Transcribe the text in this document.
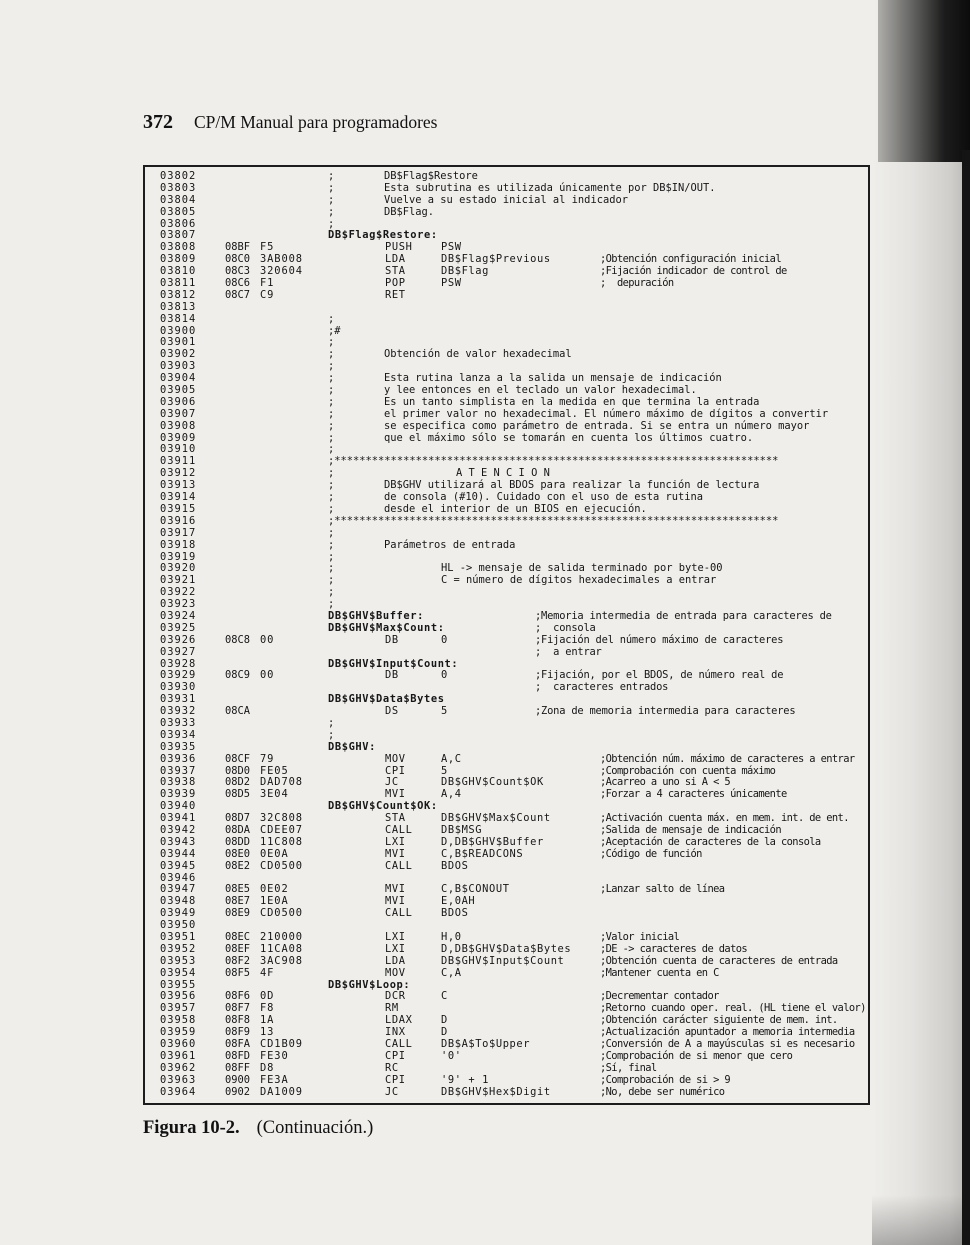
372 CP/M Manual para programadores
03802	;	DB$Flag$Restore
03803	;	Esta subrutina es utilizada únicamente por DB$IN/OUT.
03804	;	Vuelve a su estado inicial al indicador
03805	;	DB$Flag.
03806	;
03807	DB$Flag$Restore:
03808	08BF F5	PUSH	PSW
03809	08C0 3AB008	LDA	DB$Flag$Previous	;Obtención configuración inicial
03810	08C3 320604	STA	DB$Flag	;Fijación indicador de control de
03811	08C6 F1	POP	PSW	;  depuración
03812	08C7 C9	RET
03813
03814	;
03900	;#
03901	;
03902	;	Obtención de valor hexadecimal
03903	;
03904	;	Esta rutina lanza a la salida un mensaje de indicación
03905	;	y lee entonces en el teclado un valor hexadecimal.
03906	;	Es un tanto simplista en la medida en que termina la entrada
03907	;	el primer valor no hexadecimal. El número máximo de dígitos a convertir
03908	;	se especifica como parámetro de entrada. Si se entra un número mayor
03909	;	que el máximo sólo se tomarán en cuenta los últimos cuatro.
03910	;
03911	;***********************************************************************
03912	;	A T E N C I O N
03913	;	DB$GHV utilizará al BDOS para realizar la función de lectura
03914	;	de consola (#10). Cuidado con el uso de esta rutina
03915	;	desde el interior de un BIOS en ejecución.
03916	;***********************************************************************
03917	;
03918	;	Parámetros de entrada
03919	;
03920	;	HL -> mensaje de salida terminado por byte-00
03921	;	C = número de dígitos hexadecimales a entrar
03922	;
03923	;
03924	DB$GHV$Buffer:	;Memoria intermedia de entrada para caracteres de
03925	DB$GHV$Max$Count:	;  consola
03926	08C8 00	DB	0	;Fijación del número máximo de caracteres
03927	;  a entrar
03928	DB$GHV$Input$Count:
03929	08C9 00	DB	0	;Fijación, por el BDOS, de número real de
03930	;  caracteres entrados
03931	DB$GHV$Data$Bytes
03932	08CA	DS	5	;Zona de memoria intermedia para caracteres
03933	;
03934	;
03935	DB$GHV:
03936	08CF 79	MOV	A,C	;Obtención núm. máximo de caracteres a entrar
03937	08D0 FE05	CPI	5	;Comprobación con cuenta máximo
03938	08D2 DAD708	JC	DB$GHV$Count$OK	;Acarreo a uno si A < 5
03939	08D5 3E04	MVI	A,4	;Forzar a 4 caracteres únicamente
03940	DB$GHV$Count$OK:
03941	08D7 32C808	STA	DB$GHV$Max$Count	;Activación cuenta máx. en mem. int. de ent.
03942	08DA CDEE07	CALL	DB$MSG	;Salida de mensaje de indicación
03943	08DD 11C808	LXI	D,DB$GHV$Buffer	;Aceptación de caracteres de la consola
03944	08E0 0E0A	MVI	C,B$READCONS	;Código de función
03945	08E2 CD0500	CALL	BDOS
03946
03947	08E5 0E02	MVI	C,B$CONOUT	;Lanzar salto de línea
03948	08E7 1E0A	MVI	E,0AH
03949	08E9 CD0500	CALL	BDOS
03950
03951	08EC 210000	LXI	H,0	;Valor inicial
03952	08EF 11CA08	LXI	D,DB$GHV$Data$Bytes	;DE -> caracteres de datos
03953	08F2 3AC908	LDA	DB$GHV$Input$Count	;Obtención cuenta de caracteres de entrada
03954	08F5 4F	MOV	C,A	;Mantener cuenta en C
03955	DB$GHV$Loop:
03956	08F6 0D	DCR	C	;Decrementar contador
03957	08F7 F8	RM	;Retorno cuando oper. real. (HL tiene el valor)
03958	08F8 1A	LDAX	D	;Obtención carácter siguiente de mem. int.
03959	08F9 13	INX	D	;Actualización apuntador a memoria intermedia
03960	08FA CD1B09	CALL	DB$A$To$Upper	;Conversión de A a mayúsculas si es necesario
03961	08FD FE30	CPI	'0'	;Comprobación de si menor que cero
03962	08FF D8	RC	;Sí, final
03963	0900 FE3A	CPI	'9' + 1	;Comprobación de si > 9
03964	0902 DA1009	JC	DB$GHV$Hex$Digit	;No, debe ser numérico
Figura 10-2. (Continuación.)
